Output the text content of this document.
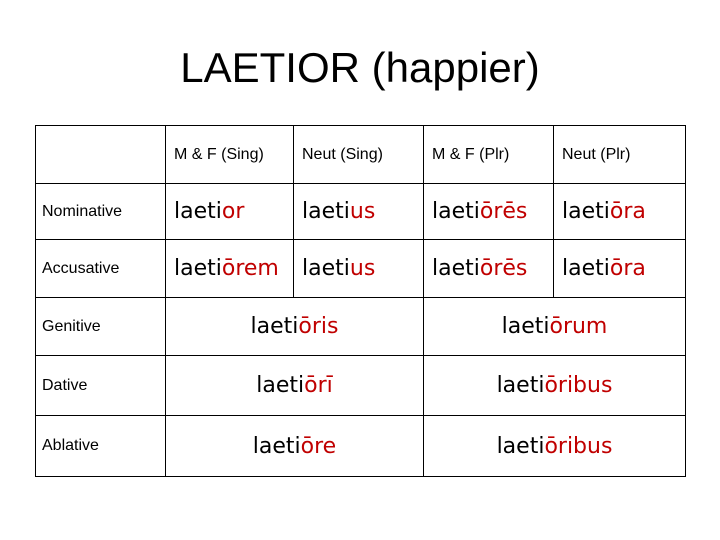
LAETIOR (happier)
	M & F (Sing)	Neut (Sing)	M & F (Plr)	Neut (Plr)
Nominative	laetior	laetius	laetiōrēs	laetiōra
Accusative	laetiōrem	laetius	laetiōrēs	laetiōra
Genitive	laetiōris		laetiōrum	
Dative	laetiōrī		laetiōribus	
Ablative	laetiōre		laetiōribus	
